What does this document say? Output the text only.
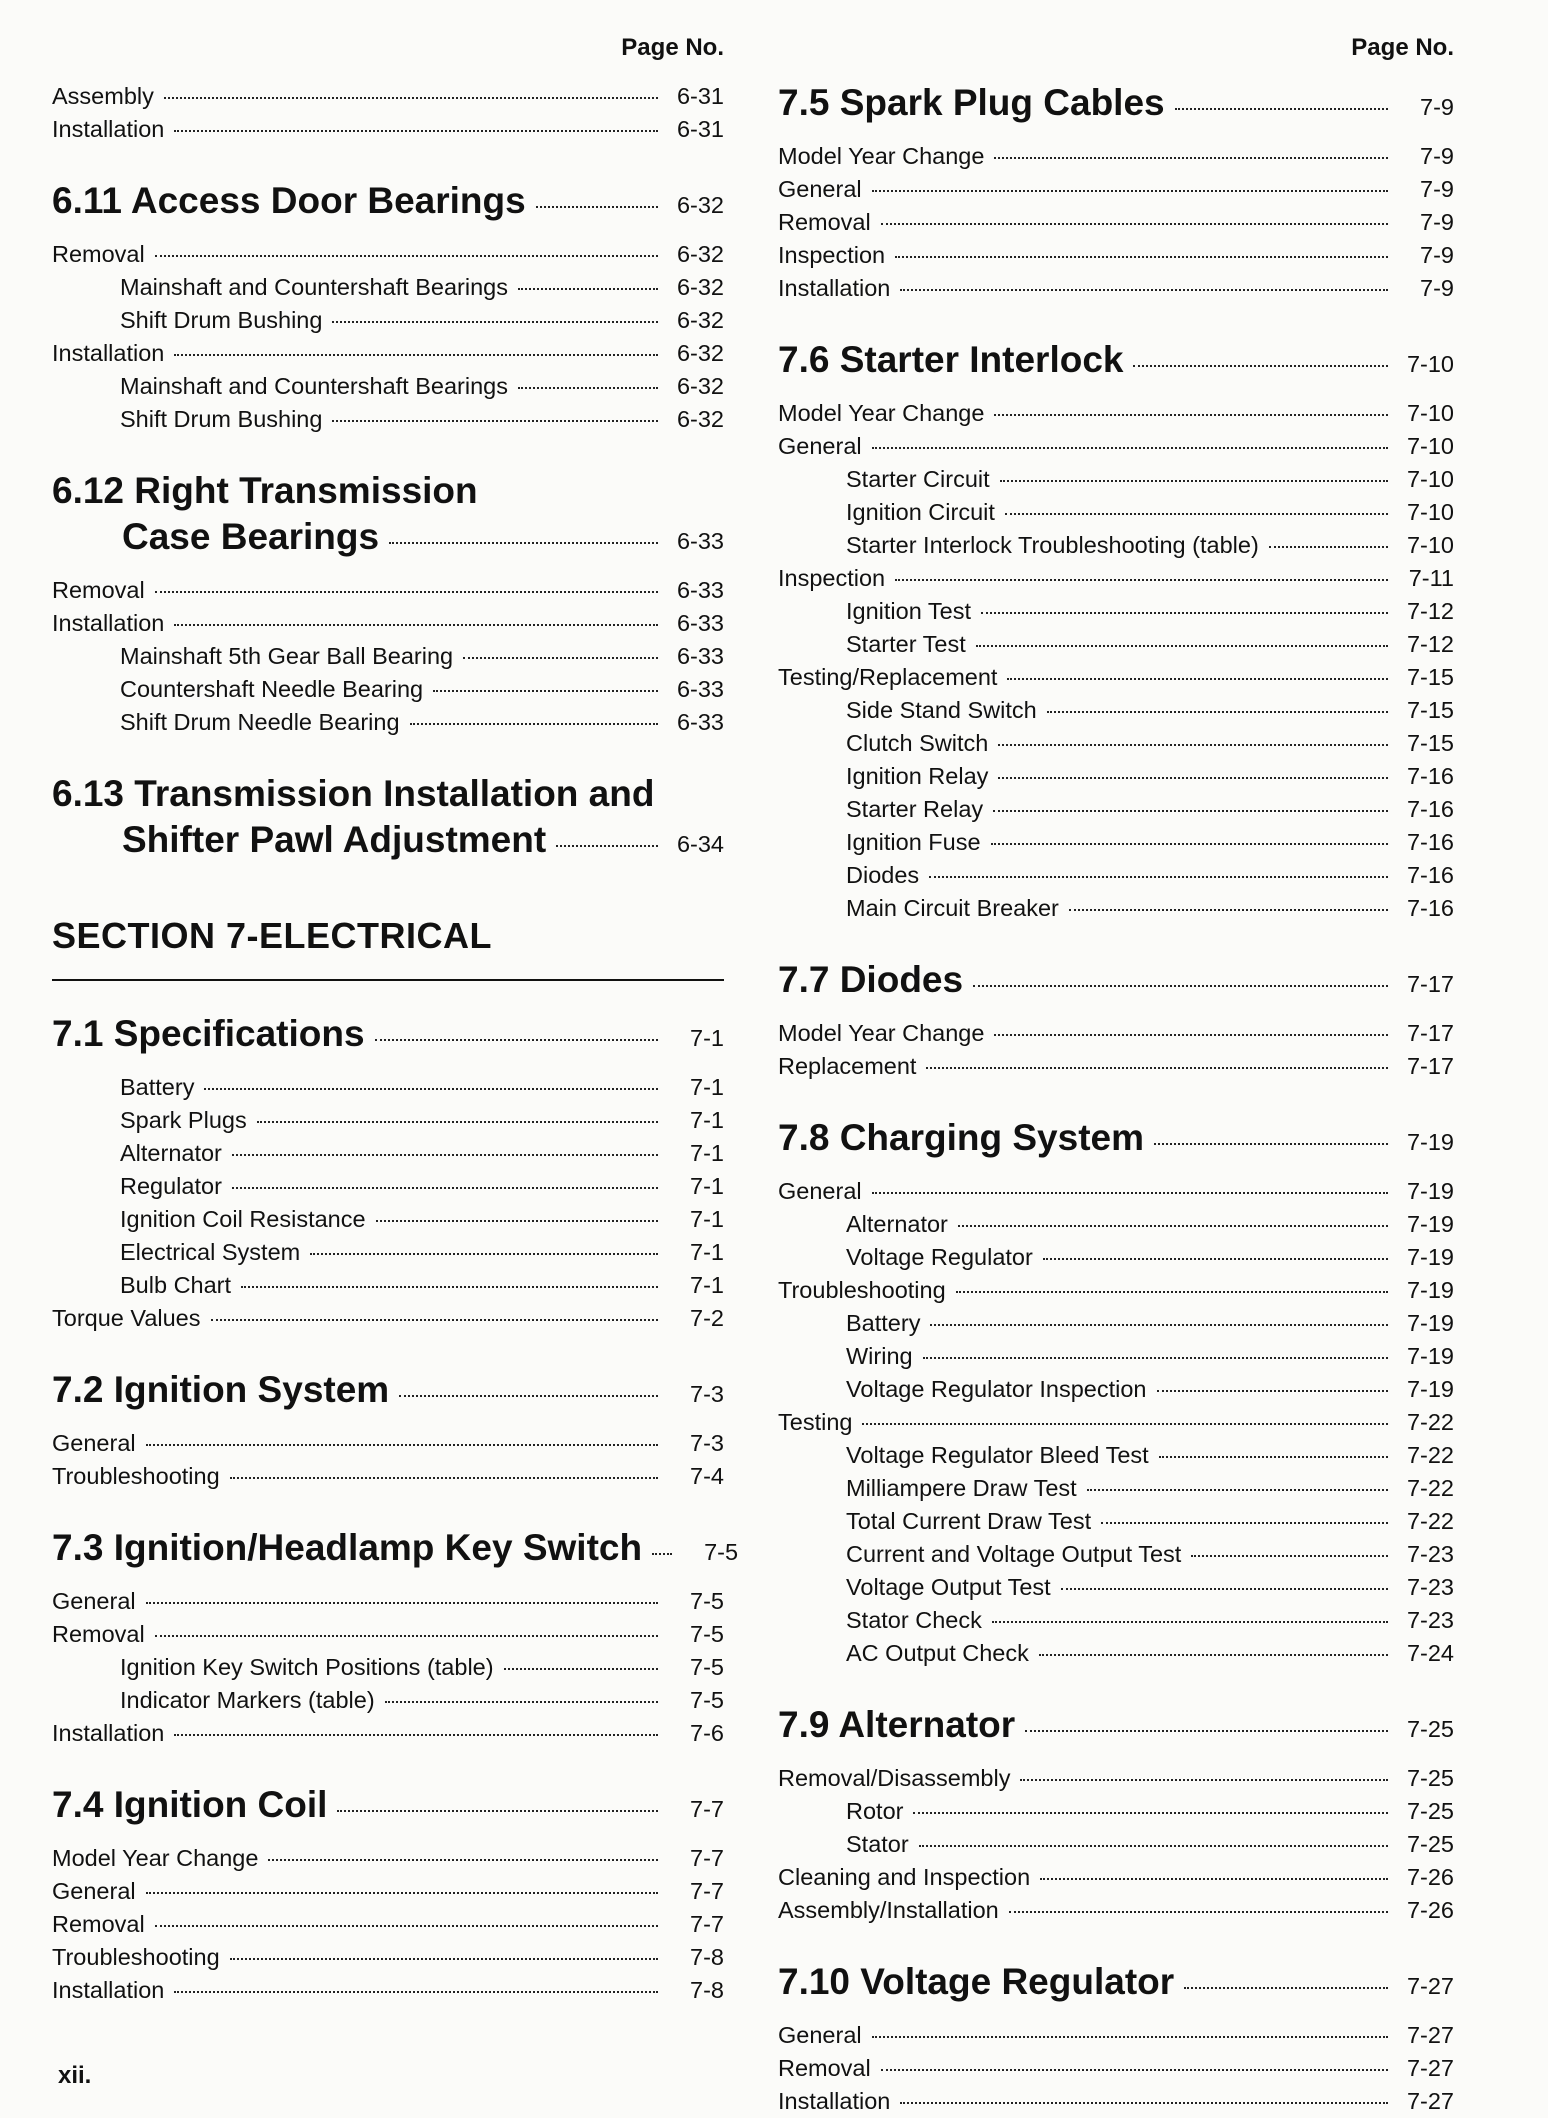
Page No.
Assembly	6-31
Installation	6-31
6.11 Access Door Bearings	6-32
Removal	6-32
Mainshaft and Countershaft Bearings	6-32
Shift Drum Bushing	6-32
Installation	6-32
Mainshaft and Countershaft Bearings	6-32
Shift Drum Bushing	6-32
6.12 Right Transmission
Case Bearings	6-33
Removal	6-33
Installation	6-33
Mainshaft 5th Gear Ball Bearing	6-33
Countershaft Needle Bearing	6-33
Shift Drum Needle Bearing	6-33
6.13 Transmission Installation and
Shifter Pawl Adjustment	6-34
SECTION 7-ELECTRICAL
7.1 Specifications	7-1
Battery	7-1
Spark Plugs	7-1
Alternator	7-1
Regulator	7-1
Ignition Coil Resistance	7-1
Electrical System	7-1
Bulb Chart	7-1
Torque Values	7-2
7.2 Ignition System	7-3
General	7-3
Troubleshooting	7-4
7.3 Ignition/Headlamp Key Switch	7-5
General	7-5
Removal	7-5
Ignition Key Switch Positions (table)	7-5
Indicator Markers (table)	7-5
Installation	7-6
7.4 Ignition Coil	7-7
Model Year Change	7-7
General	7-7
Removal	7-7
Troubleshooting	7-8
Installation	7-8
Page No.
7.5 Spark Plug Cables	7-9
Model Year Change	7-9
General	7-9
Removal	7-9
Inspection	7-9
Installation	7-9
7.6 Starter Interlock	7-10
Model Year Change	7-10
General	7-10
Starter Circuit	7-10
Ignition Circuit	7-10
Starter Interlock Troubleshooting (table)	7-10
Inspection	7-11
Ignition Test	7-12
Starter Test	7-12
Testing/Replacement	7-15
Side Stand Switch	7-15
Clutch Switch	7-15
Ignition Relay	7-16
Starter Relay	7-16
Ignition Fuse	7-16
Diodes	7-16
Main Circuit Breaker	7-16
7.7 Diodes	7-17
Model Year Change	7-17
Replacement	7-17
7.8 Charging System	7-19
General	7-19
Alternator	7-19
Voltage Regulator	7-19
Troubleshooting	7-19
Battery	7-19
Wiring	7-19
Voltage Regulator Inspection	7-19
Testing	7-22
Voltage Regulator Bleed Test	7-22
Milliampere Draw Test	7-22
Total Current Draw Test	7-22
Current and Voltage Output Test	7-23
Voltage Output Test	7-23
Stator Check	7-23
AC Output Check	7-24
7.9 Alternator	7-25
Removal/Disassembly	7-25
Rotor	7-25
Stator	7-25
Cleaning and Inspection	7-26
Assembly/Installation	7-26
7.10 Voltage Regulator	7-27
General	7-27
Removal	7-27
Installation	7-27
xii.
